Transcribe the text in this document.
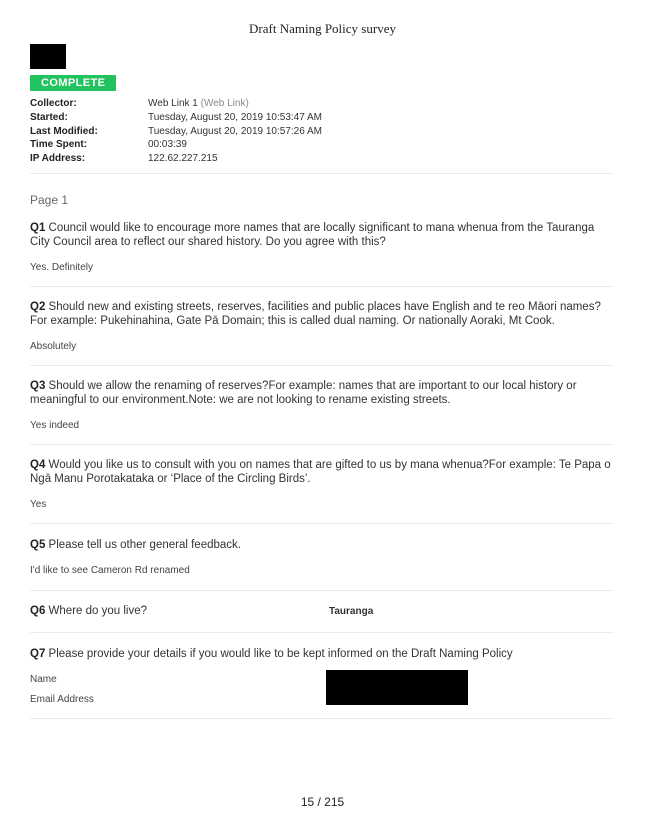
Draft Naming Policy survey
COMPLETE
Collector:	Web Link 1 (Web Link)
Started:	Tuesday, August 20, 2019 10:53:47 AM
Last Modified:	Tuesday, August 20, 2019 10:57:26 AM
Time Spent:	00:03:39
IP Address:	122.62.227.215
Page 1
Q1 Council would like to encourage more names that are locally significant to mana whenua from the Tauranga City Council area to reflect our shared history. Do you agree with this?
Yes. Definitely
Q2 Should new and existing streets, reserves, facilities and public places have English and te reo Māori names?For example: Pukehinahina, Gate Pā Domain; this is called dual naming. Or nationally Aoraki, Mt Cook.
Absolutely
Q3 Should we allow the renaming of reserves?For example: names that are important to our local history or meaningful to our environment.Note: we are not looking to rename existing streets.
Yes indeed
Q4 Would you like us to consult with you on names that are gifted to us by mana whenua?For example: Te Papa o Ngā Manu Porotakataka or ‘Place of the Circling Birds’.
Yes
Q5 Please tell us other general feedback.
I'd like to see Cameron Rd renamed
Q6 Where do you live?	Tauranga
Q7 Please provide your details if you would like to be kept informed on the Draft Naming Policy
Name
Email Address
15 / 215
